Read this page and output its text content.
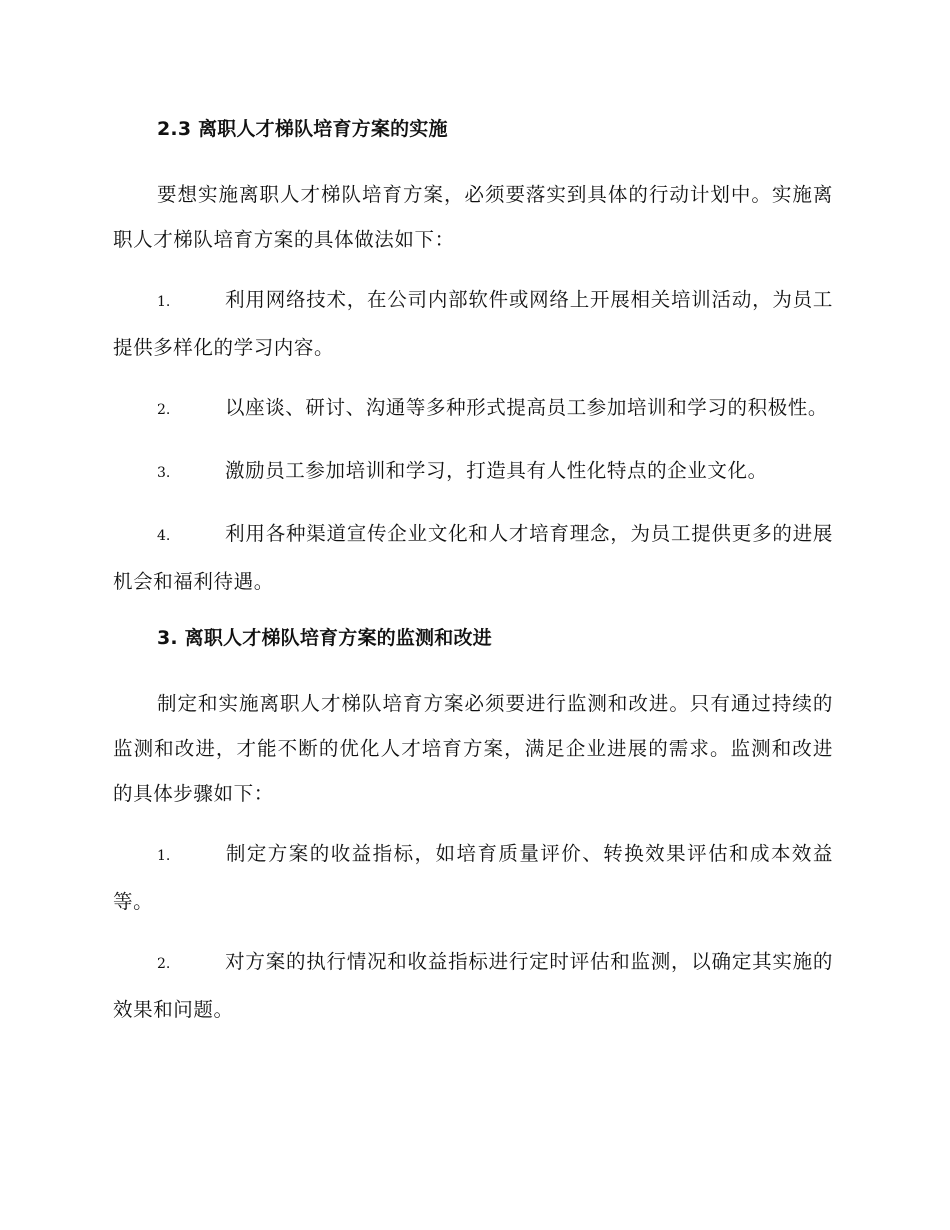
2.3 离职人才梯队培育方案的实施

要想实施离职人才梯队培育方案，必须要落实到具体的行动计划中。实施离职人才梯队培育方案的具体做法如下：

1.	利用网络技术，在公司内部软件或网络上开展相关培训活动，为员工提供多样化的学习内容。

2.	以座谈、研讨、沟通等多种形式提高员工参加培训和学习的积极性。

3.	激励员工参加培训和学习，打造具有人性化特点的企业文化。

4.	利用各种渠道宣传企业文化和人才培育理念，为员工提供更多的进展机会和福利待遇。

3. 离职人才梯队培育方案的监测和改进

制定和实施离职人才梯队培育方案必须要进行监测和改进。只有通过持续的监测和改进，才能不断的优化人才培育方案，满足企业进展的需求。监测和改进的具体步骤如下：

1.	制定方案的收益指标，如培育质量评价、转换效果评估和成本效益等。

2.	对方案的执行情况和收益指标进行定时评估和监测，以确定其实施的效果和问题。
